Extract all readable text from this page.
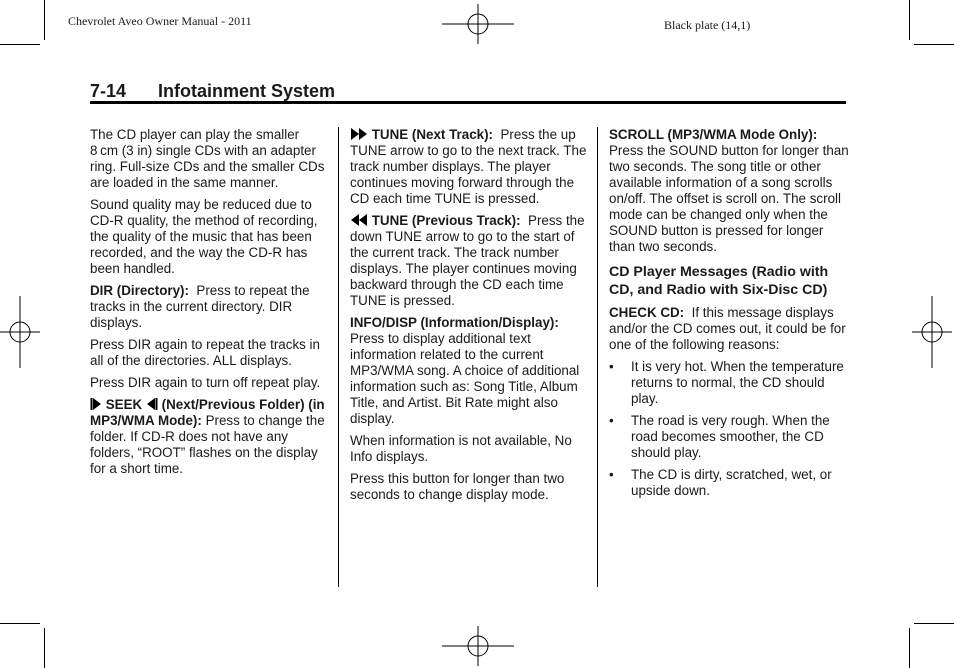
Chevrolet Aveo Owner Manual - 2011	Black plate (14,1)
7-14 Infotainment System

The CD player can play the smaller 8 cm (3 in) single CDs with an adapter ring. Full-size CDs and the smaller CDs are loaded in the same manner.

Sound quality may be reduced due to CD-R quality, the method of recording, the quality of the music that has been recorded, and the way the CD-R has been handled.

DIR (Directory): Press to repeat the tracks in the current directory. DIR displays.

Press DIR again to repeat the tracks in all of the directories. ALL displays.

Press DIR again to turn off repeat play.

SEEK (Next/Previous Folder) (in MP3/WMA Mode): Press to change the folder. If CD-R does not have any folders, “ROOT” flashes on the display for a short time.

TUNE (Next Track): Press the up TUNE arrow to go to the next track. The track number displays. The player continues moving forward through the CD each time TUNE is pressed.

TUNE (Previous Track): Press the down TUNE arrow to go to the start of the current track. The track number displays. The player continues moving backward through the CD each time TUNE is pressed.

INFO/DISP (Information/Display): Press to display additional text information related to the current MP3/WMA song. A choice of additional information such as: Song Title, Album Title, and Artist. Bit Rate might also display.

When information is not available, No Info displays.

Press this button for longer than two seconds to change display mode.

SCROLL (MP3/WMA Mode Only): Press the SOUND button for longer than two seconds. The song title or other available information of a song scrolls on/off. The offset is scroll on. The scroll mode can be changed only when the SOUND button is pressed for longer than two seconds.

CD Player Messages (Radio with CD, and Radio with Six-Disc CD)

CHECK CD: If this message displays and/or the CD comes out, it could be for one of the following reasons:

• It is very hot. When the temperature returns to normal, the CD should play.
• The road is very rough. When the road becomes smoother, the CD should play.
• The CD is dirty, scratched, wet, or upside down.
